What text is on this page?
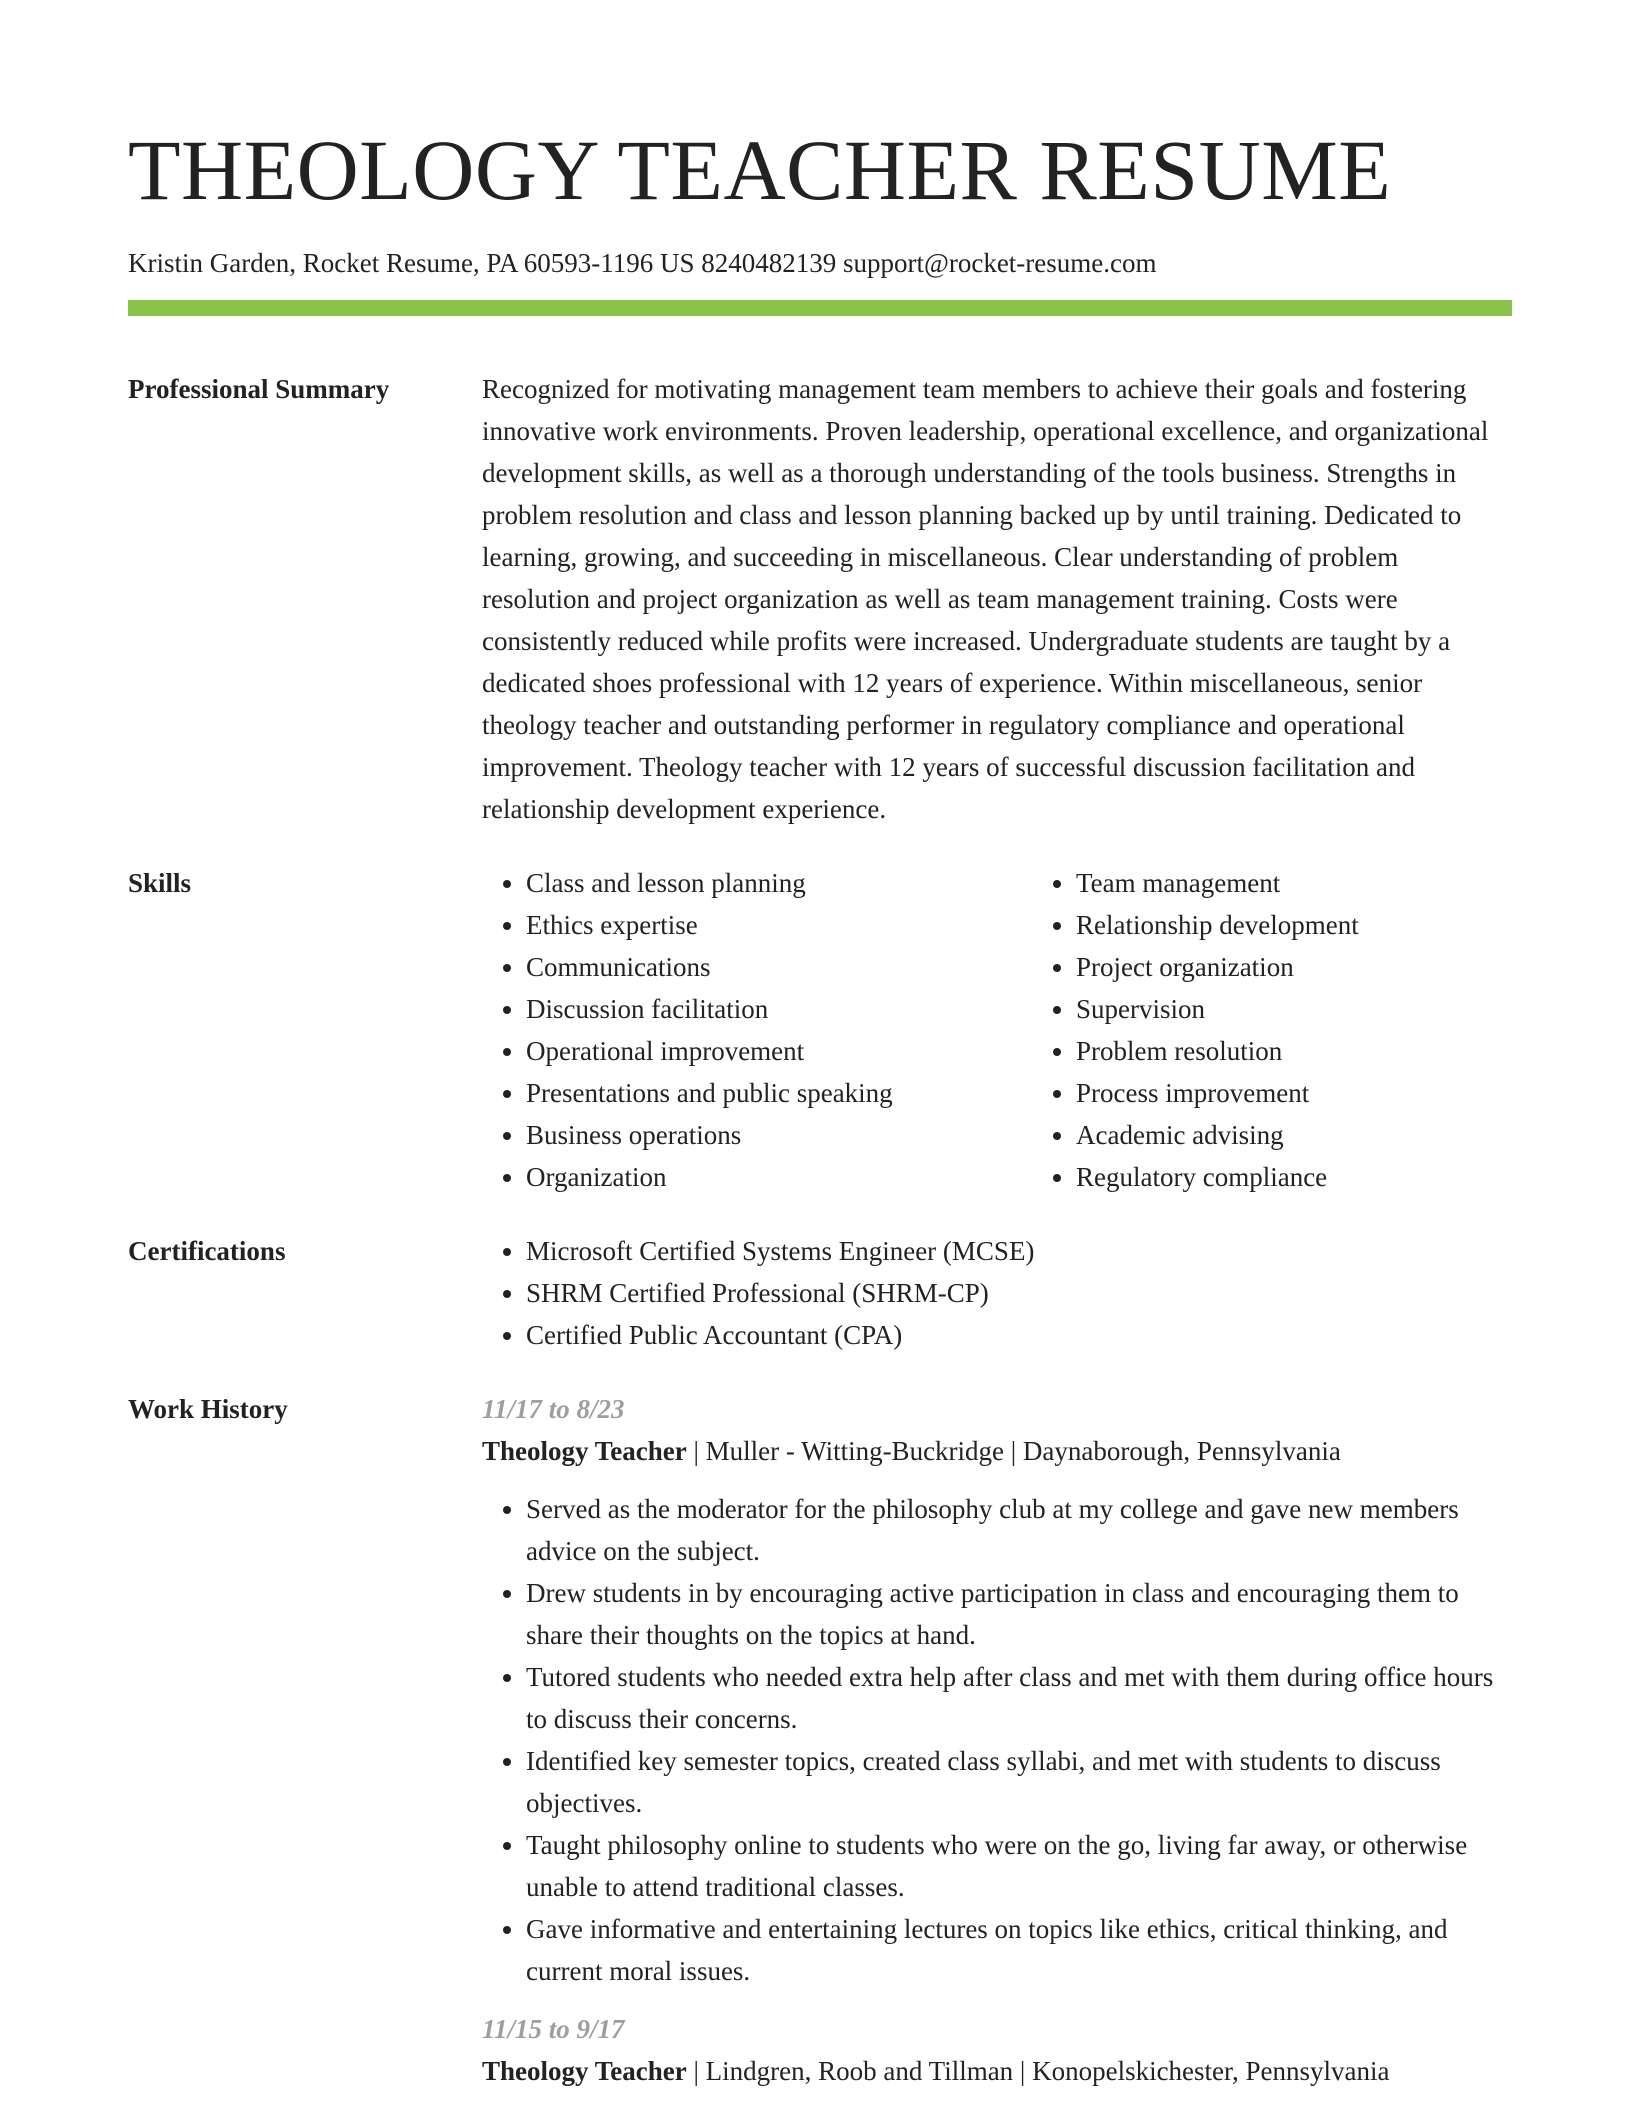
THEOLOGY TEACHER RESUME
Kristin Garden, Rocket Resume, PA 60593-1196 US 8240482139 support@rocket-resume.com
Professional Summary	Recognized for motivating management team members to achieve their goals and fostering innovative work environments. Proven leadership, operational excellence, and organizational development skills, as well as a thorough understanding of the tools business. Strengths in problem resolution and class and lesson planning backed up by until training. Dedicated to learning, growing, and succeeding in miscellaneous. Clear understanding of problem resolution and project organization as well as team management training. Costs were consistently reduced while profits were increased. Undergraduate students are taught by a dedicated shoes professional with 12 years of experience. Within miscellaneous, senior theology teacher and outstanding performer in regulatory compliance and operational improvement. Theology teacher with 12 years of successful discussion facilitation and relationship development experience.

Skills	• Class and lesson planning
• Ethics expertise
• Communications
• Discussion facilitation
• Operational improvement
• Presentations and public speaking
• Business operations
• Organization
• Team management
• Relationship development
• Project organization
• Supervision
• Problem resolution
• Process improvement
• Academic advising
• Regulatory compliance
Certifications	• Microsoft Certified Systems Engineer (MCSE)
• SHRM Certified Professional (SHRM-CP)
• Certified Public Accountant (CPA)
Work History	11/17 to 8/23
Theology Teacher | Muller - Witting-Buckridge | Daynaborough, Pennsylvania
• Served as the moderator for the philosophy club at my college and gave new members advice on the subject.
• Drew students in by encouraging active participation in class and encouraging them to share their thoughts on the topics at hand.
• Tutored students who needed extra help after class and met with them during office hours to discuss their concerns.
• Identified key semester topics, created class syllabi, and met with students to discuss objectives.
• Taught philosophy online to students who were on the go, living far away, or otherwise unable to attend traditional classes.
• Gave informative and entertaining lectures on topics like ethics, critical thinking, and current moral issues.
11/15 to 9/17
Theology Teacher | Lindgren, Roob and Tillman | Konopelskichester, Pennsylvania
